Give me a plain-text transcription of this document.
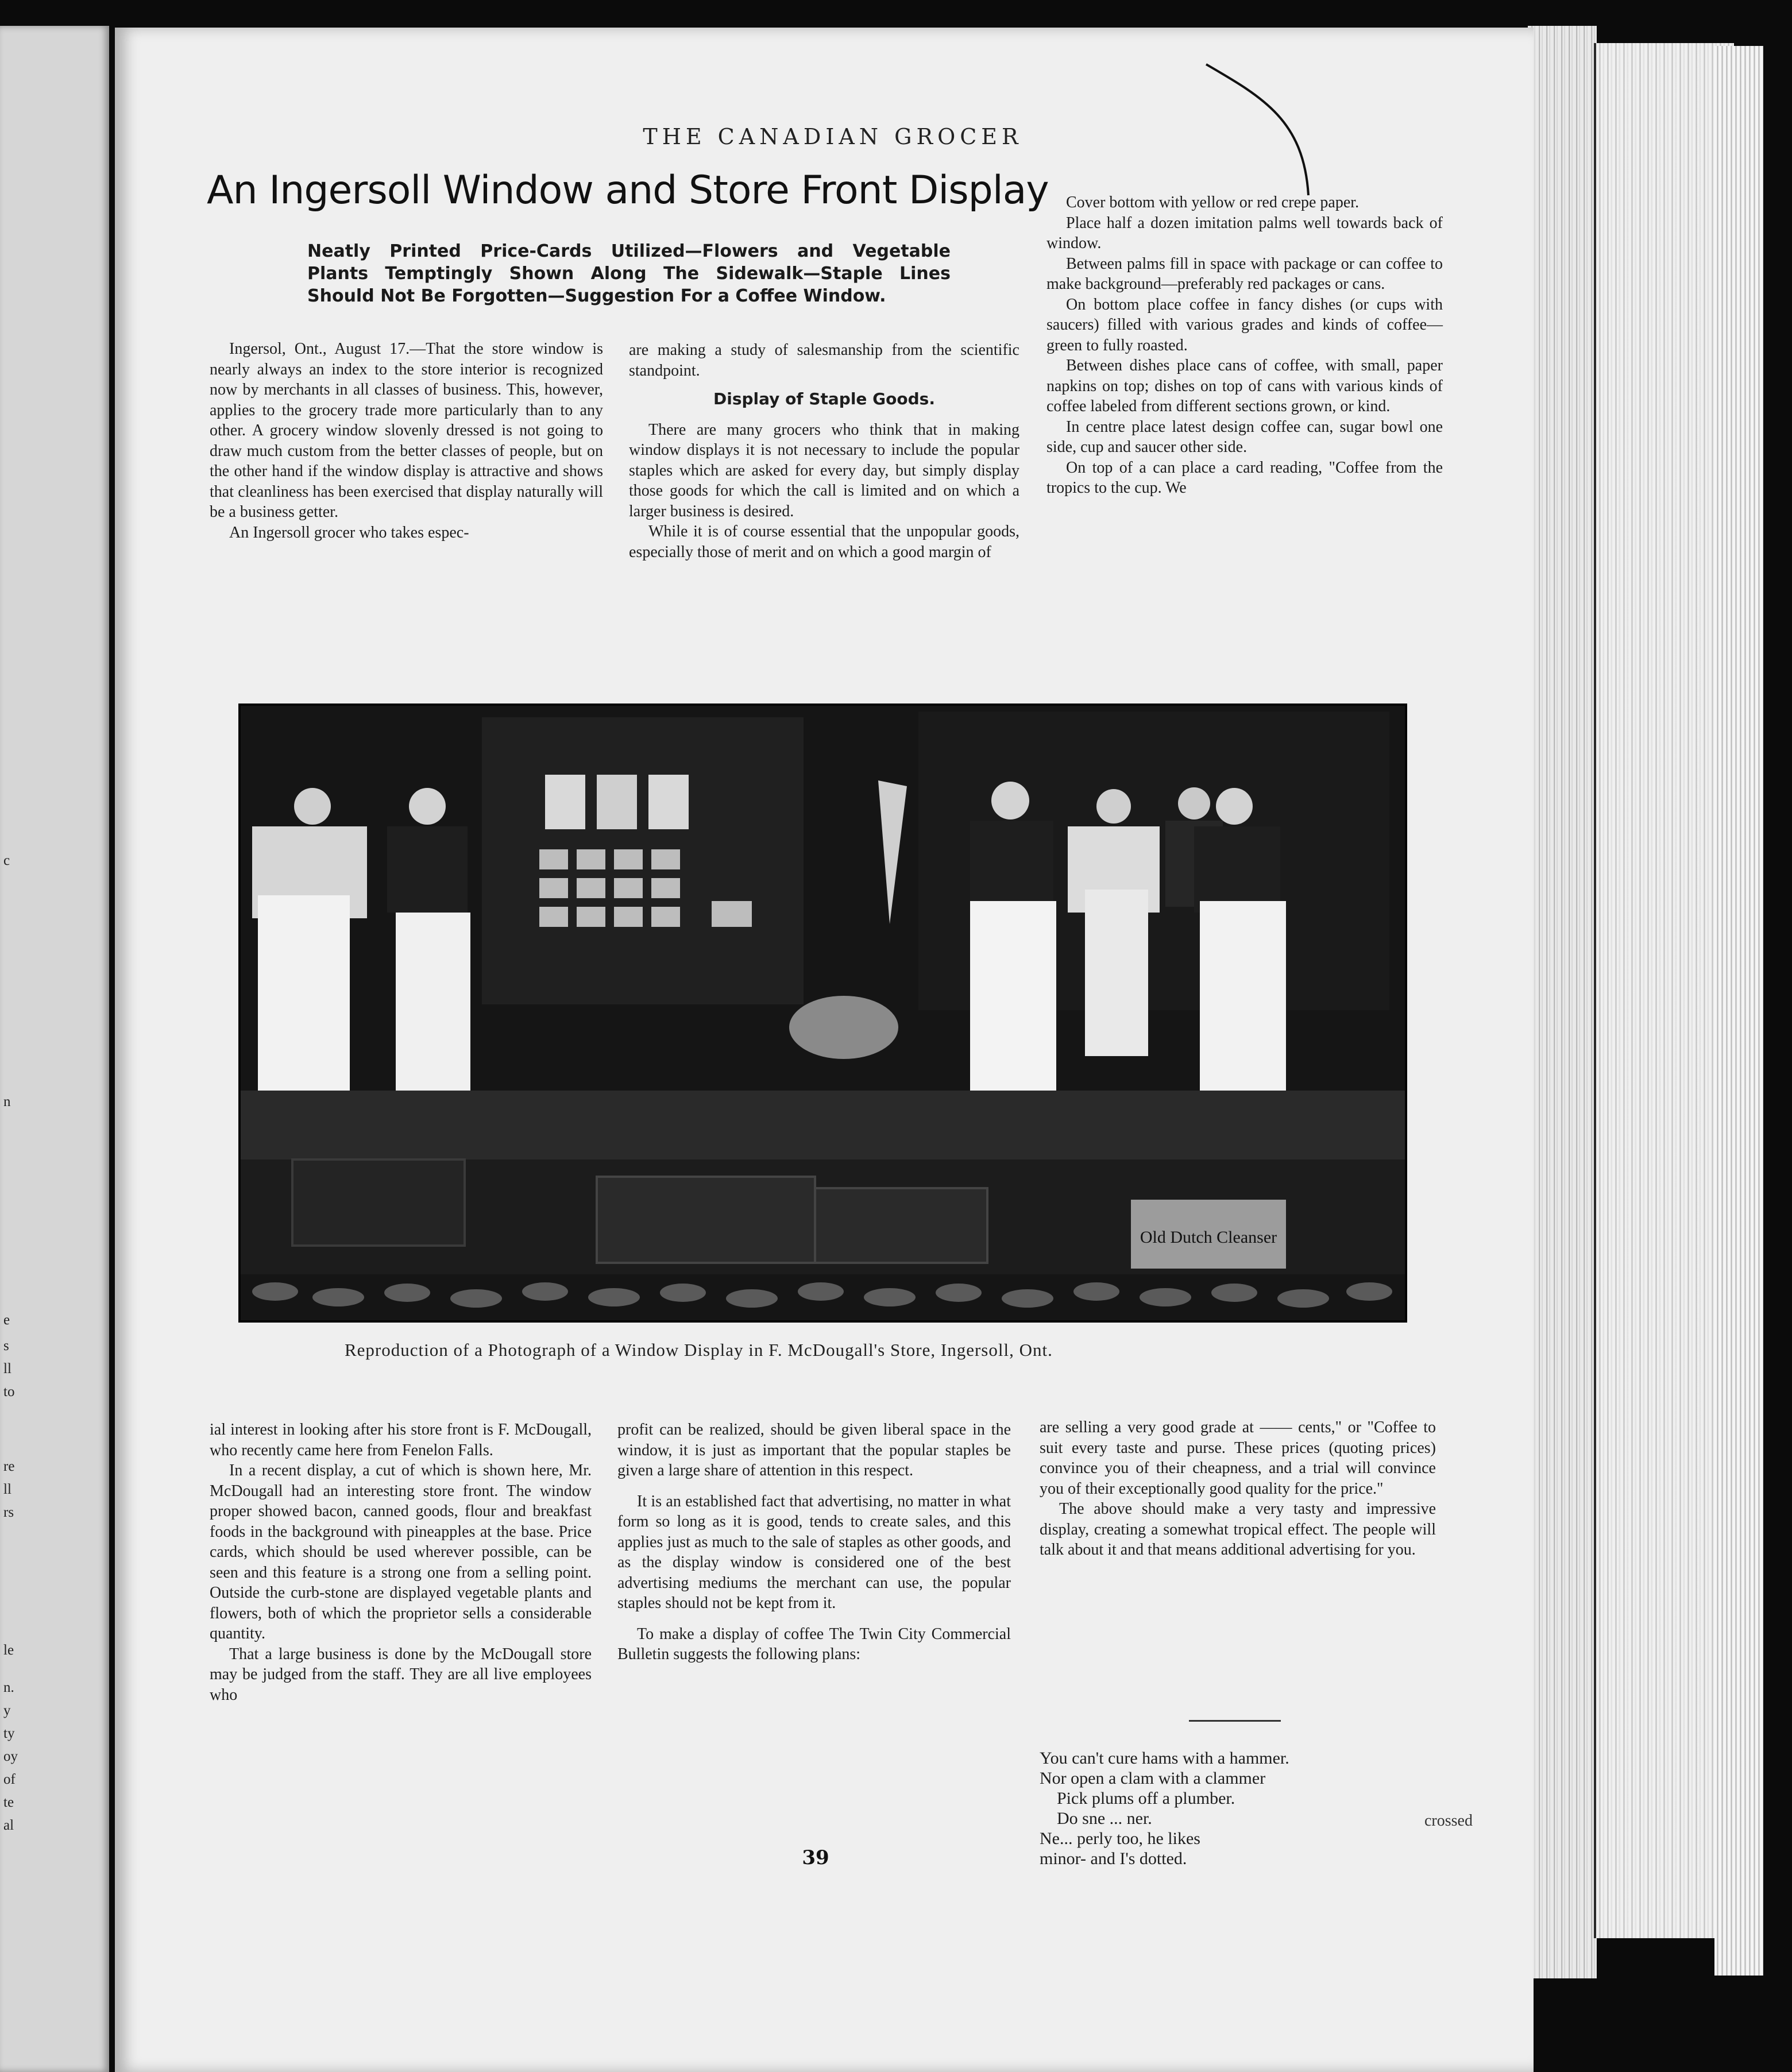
c
n
e
s
ll
to
re
ll
rs
le
n.
y
ty
oy
of
te
al
THE CANADIAN GROCER
An Ingersoll Window and Store Front Display
Neatly Printed Price-Cards Utilized—Flowers and Vegetable Plants Temptingly Shown Along The Sidewalk—Staple Lines Should Not Be Forgotten—Suggestion For a Coffee Window.

Ingersol, Ont., August 17.—That the store window is nearly always an index to the store interior is recognized now by merchants in all classes of business. This, however, applies to the grocery trade more particularly than to any other. A grocery window slovenly dressed is not going to draw much custom from the better classes of people, but on the other hand if the window display is attractive and shows that cleanliness has been exercised that display naturally will be a business getter.

An Ingersoll grocer who takes espec-

are making a study of salesmanship from the scientific standpoint.

Display of Staple Goods.

There are many grocers who think that in making window displays it is not necessary to include the popular staples which are asked for every day, but simply display those goods for which the call is limited and on which a larger business is desired.

While it is of course essential that the unpopular goods, especially those of merit and on which a good margin of

Cover bottom with yellow or red crepe paper.

Place half a dozen imitation palms well towards back of window.

Between palms fill in space with package or can coffee to make background—preferably red packages or cans.

On bottom place coffee in fancy dishes (or cups with saucers) filled with various grades and kinds of coffee—green to fully roasted.

Between dishes place cans of coffee, with small, paper napkins on top; dishes on top of cans with various kinds of coffee labeled from different sections grown, or kind.

In centre place latest design coffee can, sugar bowl one side, cup and saucer other side.

On top of a can place a card reading, "Coffee from the tropics to the cup. We

Old Dutch Cleanser
Reproduction of a Photograph of a Window Display in F. McDougall's Store, Ingersoll, Ont.

ial interest in looking after his store front is F. McDougall, who recently came here from Fenelon Falls.

In a recent display, a cut of which is shown here, Mr. McDougall had an interesting store front. The window proper showed bacon, canned goods, flour and breakfast foods in the background with pineapples at the base. Price cards, which should be used wherever possible, can be seen and this feature is a strong one from a selling point. Outside the curb-stone are displayed vegetable plants and flowers, both of which the proprietor sells a considerable quantity.

That a large business is done by the McDougall store may be judged from the staff. They are all live employees who

profit can be realized, should be given liberal space in the window, it is just as important that the popular staples be given a large share of attention in this respect.

It is an established fact that advertising, no matter in what form so long as it is good, tends to create sales, and this applies just as much to the sale of staples as other goods, and as the display window is considered one of the best advertising mediums the merchant can use, the popular staples should not be kept from it.

To make a display of coffee The Twin City Commercial Bulletin suggests the following plans:

are selling a very good grade at —— cents," or "Coffee to suit every taste and purse. These prices (quoting prices) convince you of their cheapness, and a trial will convince you of their exceptionally good quality for the price."

The above should make a very tasty and impressive display, creating a somewhat tropical effect. The people will talk about it and that means additional advertising for you.

You can't cure hams with a hammer.
Nor open a clam with a clammer
Pick plums off a plumber.
Do sne ... ner.
Ne... perly too, he likes
minor- and I's dotted.
crossed
39
